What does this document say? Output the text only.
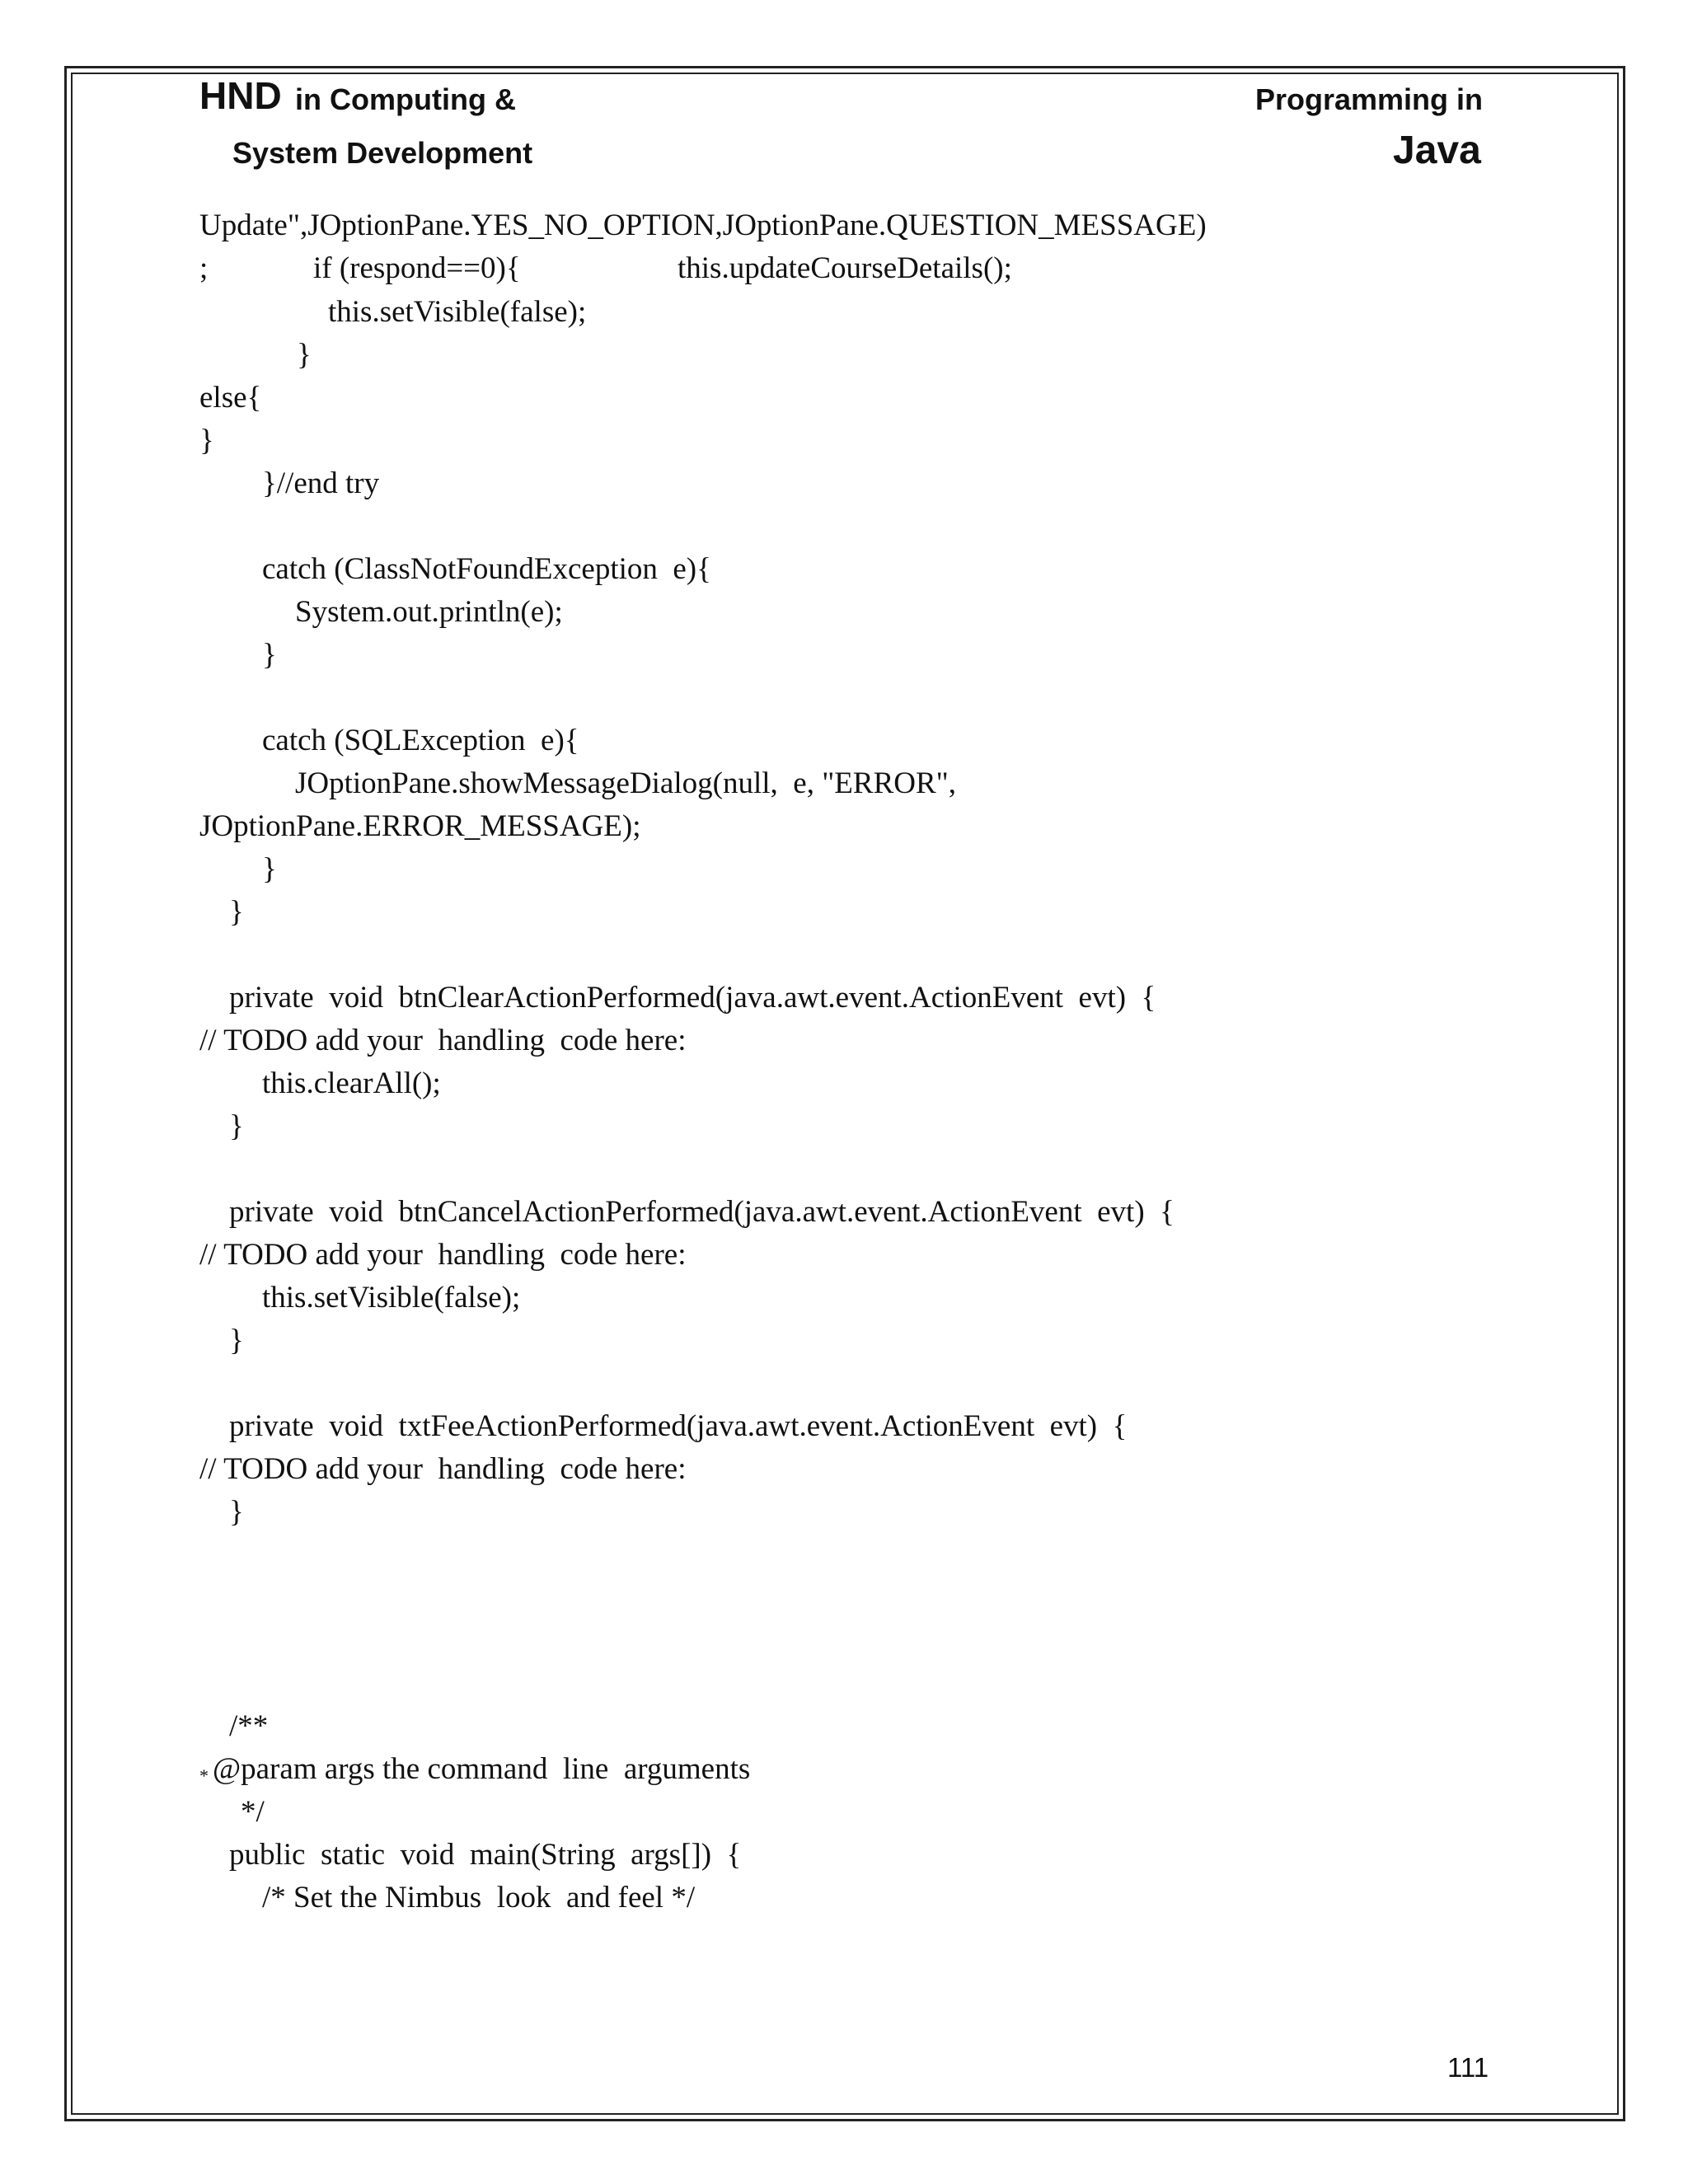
HND in Computing &
System Development
Programming in
Java
Update",JOptionPane.YES_NO_OPTION,JOptionPane.QUESTION_MESSAGE)
;	if (respond==0){	this.updateCourseDetails();
this.setVisible(false);
}
else{
}
}//end try
catch (ClassNotFoundException  e){
System.out.println(e);
}
catch (SQLException  e){
JOptionPane.showMessageDialog(null,  e, "ERROR",
JOptionPane.ERROR_MESSAGE);
}
}
private  void  btnClearActionPerformed(java.awt.event.ActionEvent  evt)  {
// TODO add your  handling  code here:
this.clearAll();
}
private  void  btnCancelActionPerformed(java.awt.event.ActionEvent  evt)  {
// TODO add your  handling  code here:
this.setVisible(false);
}
private  void  txtFeeActionPerformed(java.awt.event.ActionEvent  evt)  {
// TODO add your  handling  code here:
}
/**
* @param args the command  line  arguments
*/
public  static  void  main(String  args[])  {
/* Set the Nimbus  look  and feel */
111
